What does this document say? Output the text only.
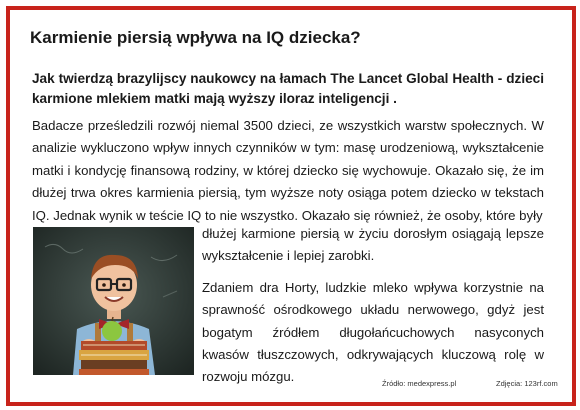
Karmienie piersią wpływa na IQ dziecka?
Jak twierdzą brazylijscy naukowcy na łamach The Lancet Global Health - dzieci karmione mlekiem matki mają wyższy iloraz inteligencji .

Badacze prześledzili rozwój niemal 3500 dzieci, ze wszystkich warstw społecznych. W analizie wykluczono wpływ innych czynników w tym: masę urodzeniową, wykształcenie matki i kondycję finansową rodziny, w której dziecko się wychowuje. Okazało się, że im dłużej trwa okres karmienia piersią, tym wyższe noty osiąga potem dziecko w tekstach IQ. Jednak wynik w teście IQ to nie wszystko. Okazało się również, że osoby, które były

dłużej karmione piersią w życiu dorosłym osiągają lepsze wykształcenie i lepiej zarobki.

Zdaniem dra Horty, ludzkie mleko wpływa korzystnie na sprawność ośrodkowego układu nerwowego, gdyż jest bogatym źródłem długołańcuchowych nasyconych kwasów tłuszczowych, odkrywających kluczową rolę w rozwoju mózgu.	Źródło: medexpress.pl	Zdjęcia: 123rf.com
